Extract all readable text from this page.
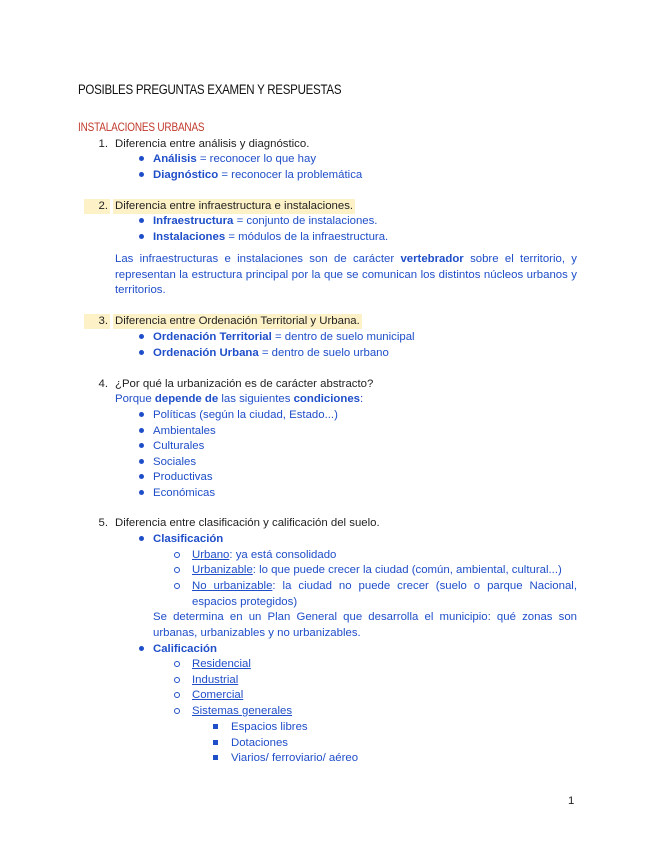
POSIBLES PREGUNTAS EXAMEN Y RESPUESTAS
INSTALACIONES URBANAS
1. Diferencia entre análisis y diagnóstico.
Análisis = reconocer lo que hay
Diagnóstico = reconocer la problemática
2. Diferencia entre infraestructura e instalaciones.
Infraestructura = conjunto de instalaciones.
Instalaciones = módulos de la infraestructura.
Las infraestructuras e instalaciones son de carácter vertebrador sobre el territorio, y representan la estructura principal por la que se comunican los distintos núcleos urbanos y territorios.
3. Diferencia entre Ordenación Territorial y Urbana.
Ordenación Territorial = dentro de suelo municipal
Ordenación Urbana = dentro de suelo urbano
4. ¿Por qué la urbanización es de carácter abstracto?
Porque depende de las siguientes condiciones:
Políticas (según la ciudad, Estado...)
Ambientales
Culturales
Sociales
Productivas
Económicas
5. Diferencia entre clasificación y calificación del suelo.
Clasificación
Urbano: ya está consolidado
Urbanizable: lo que puede crecer la ciudad (común, ambiental, cultural...)
No urbanizable: la ciudad no puede crecer (suelo o parque Nacional, espacios protegidos)
Se determina en un Plan General que desarrolla el municipio: qué zonas son urbanas, urbanizables y no urbanizables.
Calificación
Residencial
Industrial
Comercial
Sistemas generales
Espacios libres
Dotaciones
Viarios/ ferroviario/ aéreo
1
